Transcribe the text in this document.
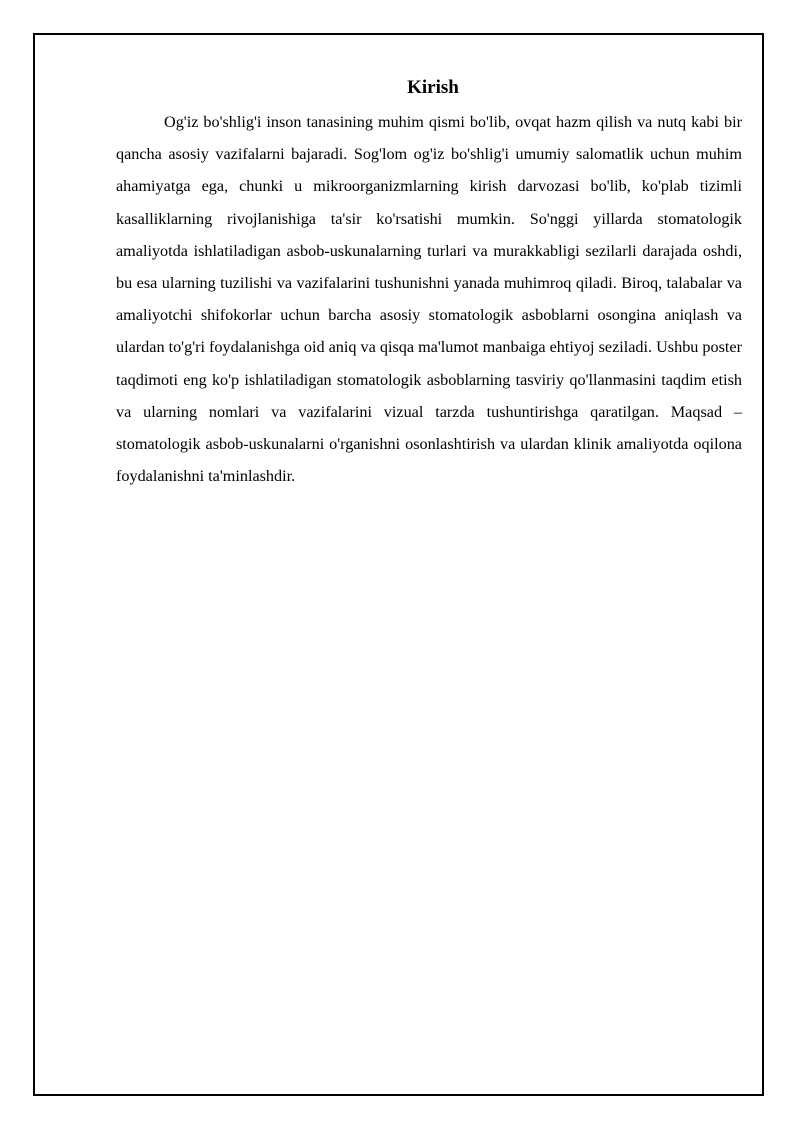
Kirish

Og'iz bo'shlig'i inson tanasining muhim qismi bo'lib, ovqat hazm qilish va nutq kabi bir qancha asosiy vazifalarni bajaradi. Sog'lom og'iz bo'shlig'i umumiy salomatlik uchun muhim ahamiyatga ega, chunki u mikroorganizmlarning kirish darvozasi bo'lib, ko'plab tizimli kasalliklarning rivojlanishiga ta'sir ko'rsatishi mumkin. So'nggi yillarda stomatologik amaliyotda ishlatiladigan asbob-uskunalarning turlari va murakkabligi sezilarli darajada oshdi, bu esa ularning tuzilishi va vazifalarini tushunishni yanada muhimroq qiladi. Biroq, talabalar va amaliyotchi shifokorlar uchun barcha asosiy stomatologik asboblarni osongina aniqlash va ulardan to'g'ri foydalanishga oid aniq va qisqa ma'lumot manbaiga ehtiyoj seziladi. Ushbu poster taqdimoti eng ko'p ishlatiladigan stomatologik asboblarning tasviriy qo'llanmasini taqdim etish va ularning nomlari va vazifalarini vizual tarzda tushuntirishga qaratilgan. Maqsad – stomatologik asbob-uskunalarni o'rganishni osonlashtirish va ulardan klinik amaliyotda oqilona foydalanishni ta'minlashdir.
